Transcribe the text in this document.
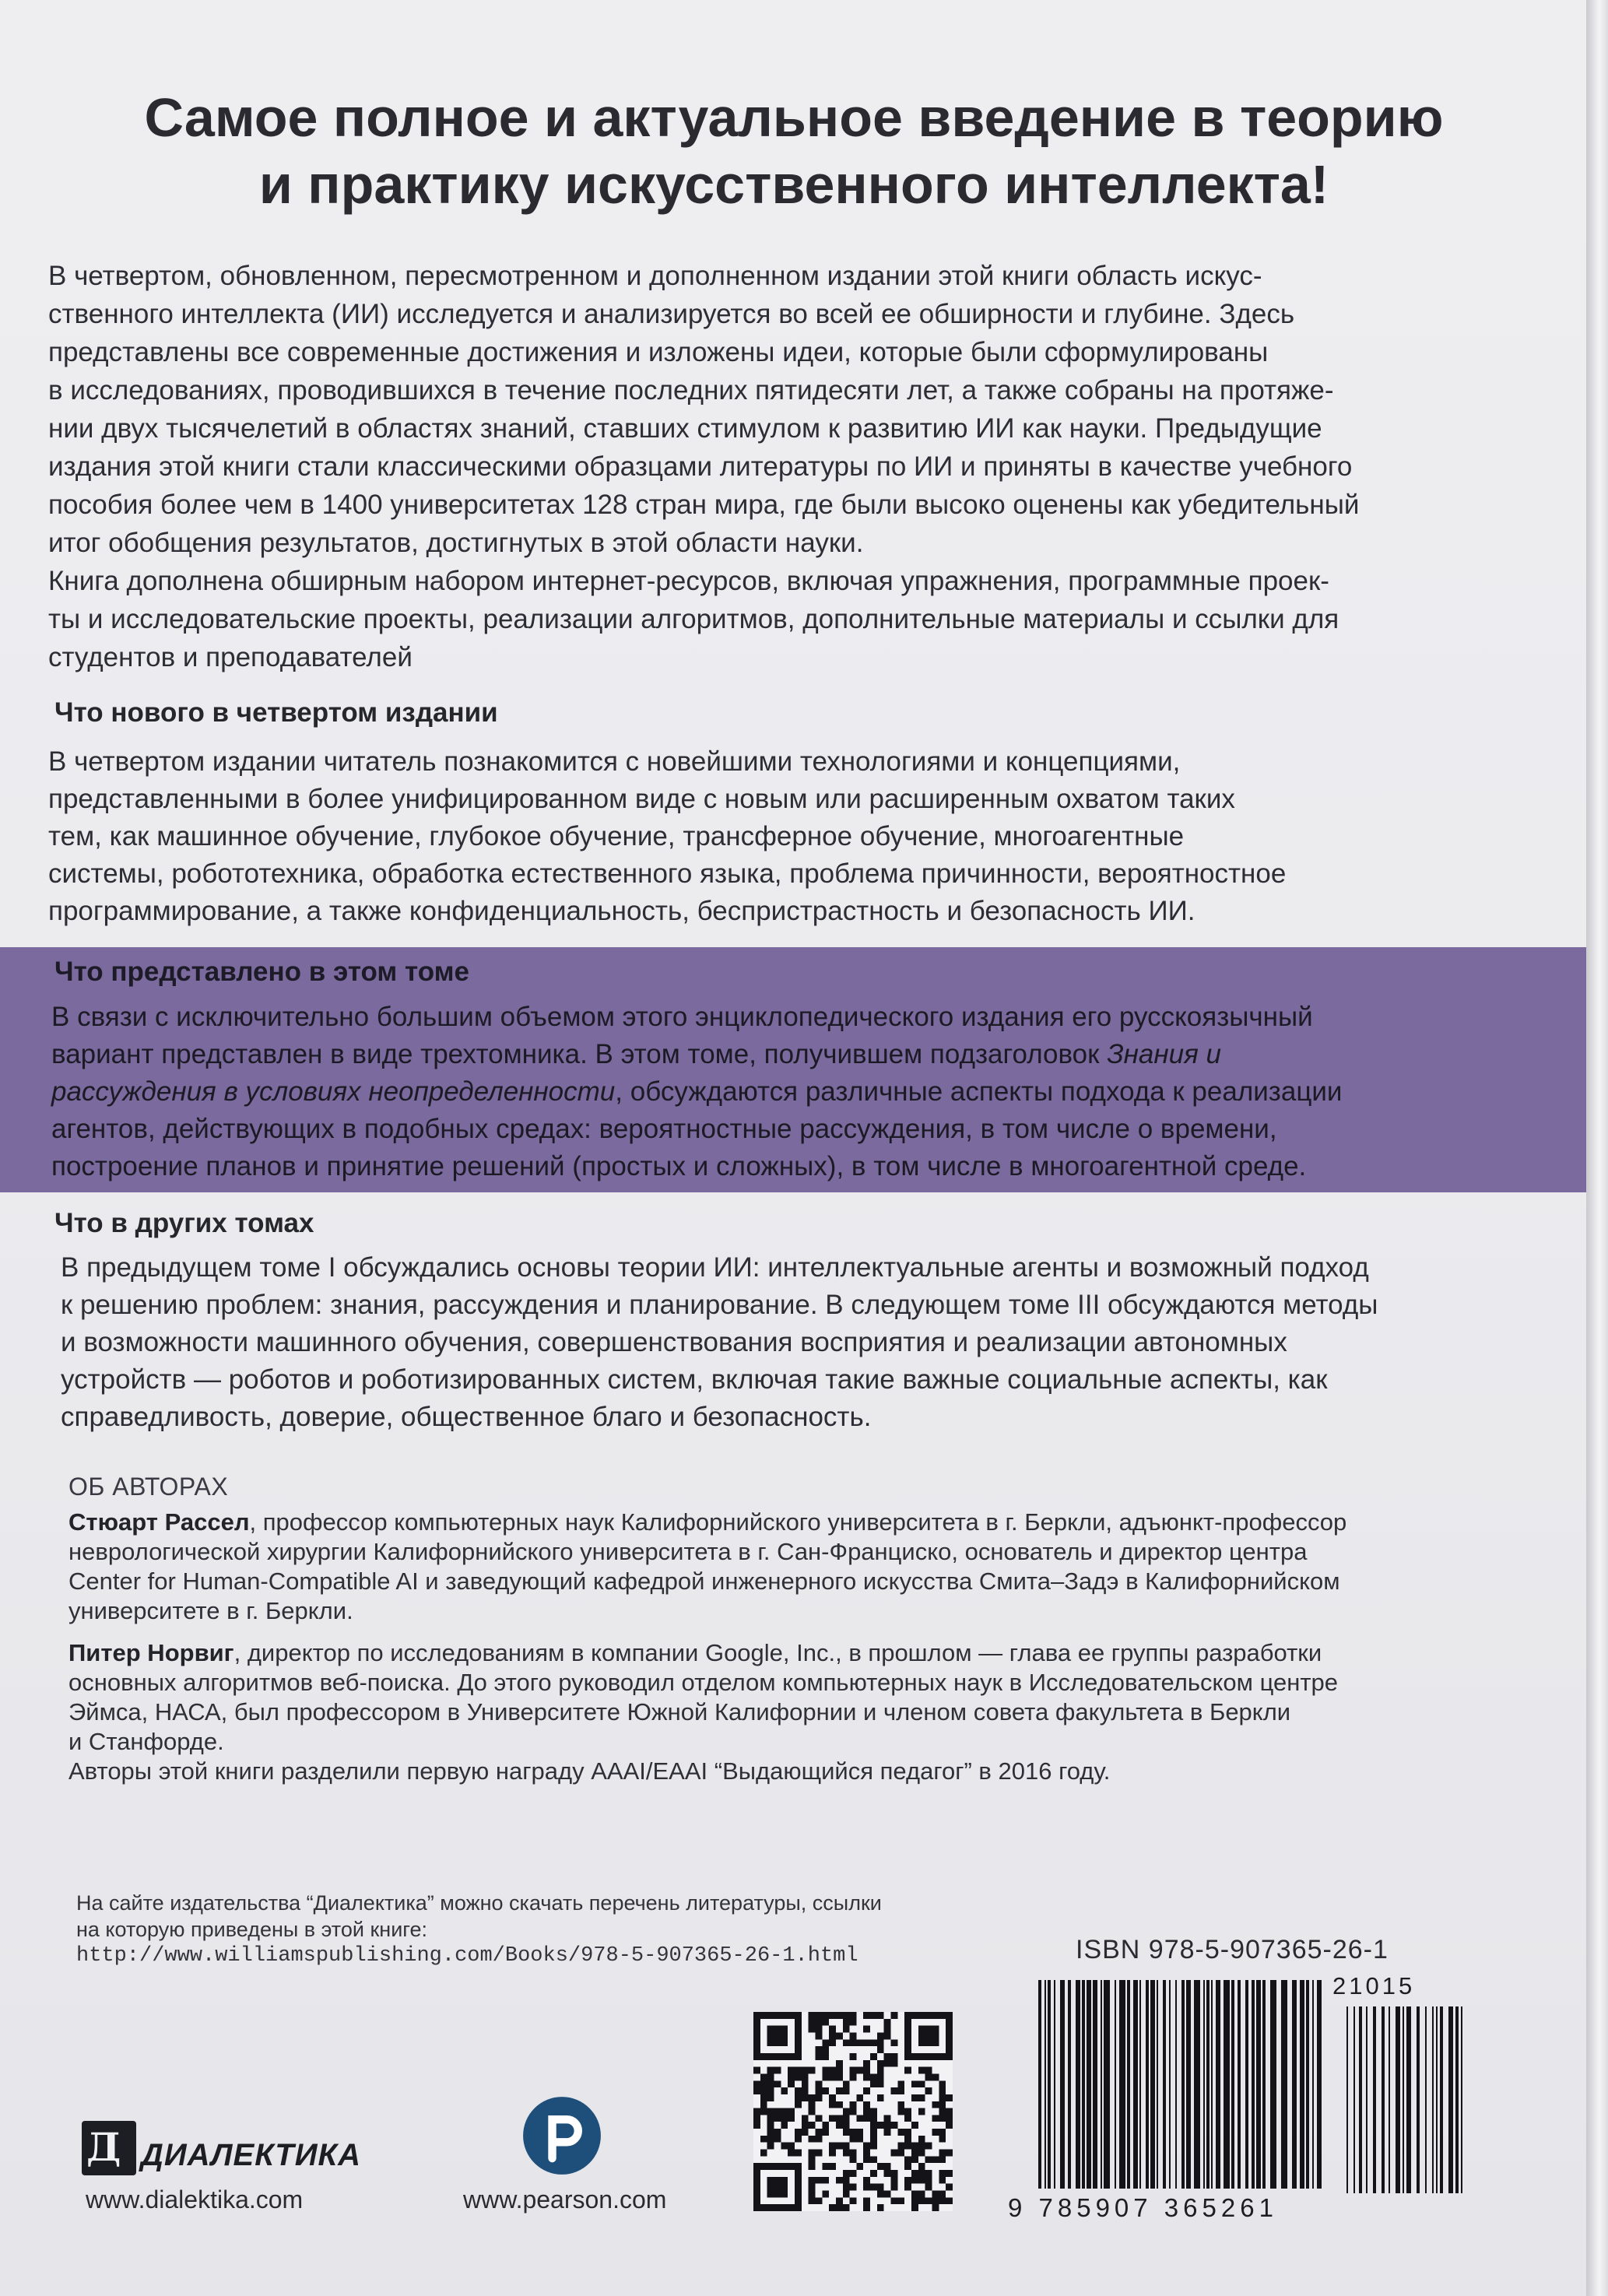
Самое полное и актуальное введение в теорию
и практику искусственного интеллекта!

В четвертом, обновленном, пересмотренном и дополненном издании этой книги область искус-
ственного интеллекта (ИИ) исследуется и анализируется во всей ее обширности и глубине. Здесь
представлены все современные достижения и изложены идеи, которые были сформулированы
в исследованиях, проводившихся в течение последних пятидесяти лет, а также собраны на протяже-
нии двух тысячелетий в областях знаний, ставших стимулом к развитию ИИ как науки. Предыдущие
издания этой книги стали классическими образцами литературы по ИИ и приняты в качестве учебного
пособия более чем в 1400 университетах 128 стран мира, где были высоко оценены как убедительный
итог обобщения результатов, достигнутых в этой области науки.
Книга дополнена обширным набором интернет-ресурсов, включая упражнения, программные проек-
ты и исследовательские проекты, реализации алгоритмов, дополнительные материалы и ссылки для
студентов и преподавателей

Что нового в четвертом издании

В четвертом издании читатель познакомится с новейшими технологиями и концепциями,
представленными в более унифицированном виде с новым или расширенным охватом таких
тем, как машинное обучение, глубокое обучение, трансферное обучение, многоагентные
системы, робототехника, обработка естественного языка, проблема причинности, вероятностное
программирование, а также конфиденциальность, беспристрастность и безопасность ИИ.

Что представлено в этом томе

В связи с исключительно большим объемом этого энциклопедического издания его русскоязычный
вариант представлен в виде трехтомника. В этом томе, получившем подзаголовок Знания и
рассуждения в условиях неопределенности, обсуждаются различные аспекты подхода к реализации
агентов, действующих в подобных средах: вероятностные рассуждения, в том числе о времени,
построение планов и принятие решений (простых и сложных), в том числе в многоагентной среде.

Что в других томах

В предыдущем томе I обсуждались основы теории ИИ: интеллектуальные агенты и возможный подход
к решению проблем: знания, рассуждения и планирование. В следующем томе III обсуждаются методы
и возможности машинного обучения, совершенствования восприятия и реализации автономных
устройств — роботов и роботизированных систем, включая такие важные социальные аспекты, как
справедливость, доверие, общественное благо и безопасность.

ОБ АВТОРАХ

Стюарт Рассел, профессор компьютерных наук Калифорнийского университета в г. Беркли, адъюнкт-профессор
неврологической хирургии Калифорнийского университета в г. Сан-Франциско, основатель и директор центра
Center for Human-Compatible AI и заведующий кафедрой инженерного искусства Смита–Задэ в Калифорнийском
университете в г. Беркли.

Питер Норвиг, директор по исследованиям в компании Google, Inc., в прошлом — глава ее группы разработки
основных алгоритмов веб-поиска. До этого руководил отделом компьютерных наук в Исследовательском центре
Эймса, НАСА, был профессором в Университете Южной Калифорнии и членом совета факультета в Беркли
и Станфорде.
Авторы этой книги разделили первую награду AAAI/EAAI “Выдающийся педагог” в 2016 году.

На сайте издательства “Диалектика” можно скачать перечень литературы, ссылки
на которую приведены в этой книге:
http://www.williamspublishing.com/Books/978-5-907365-26-1.html	ISBN 978-5-907365-26-1

21015

9 785907 365261

Д ДИАЛЕКТИКА

www.dialektika.com	www.pearson.com
